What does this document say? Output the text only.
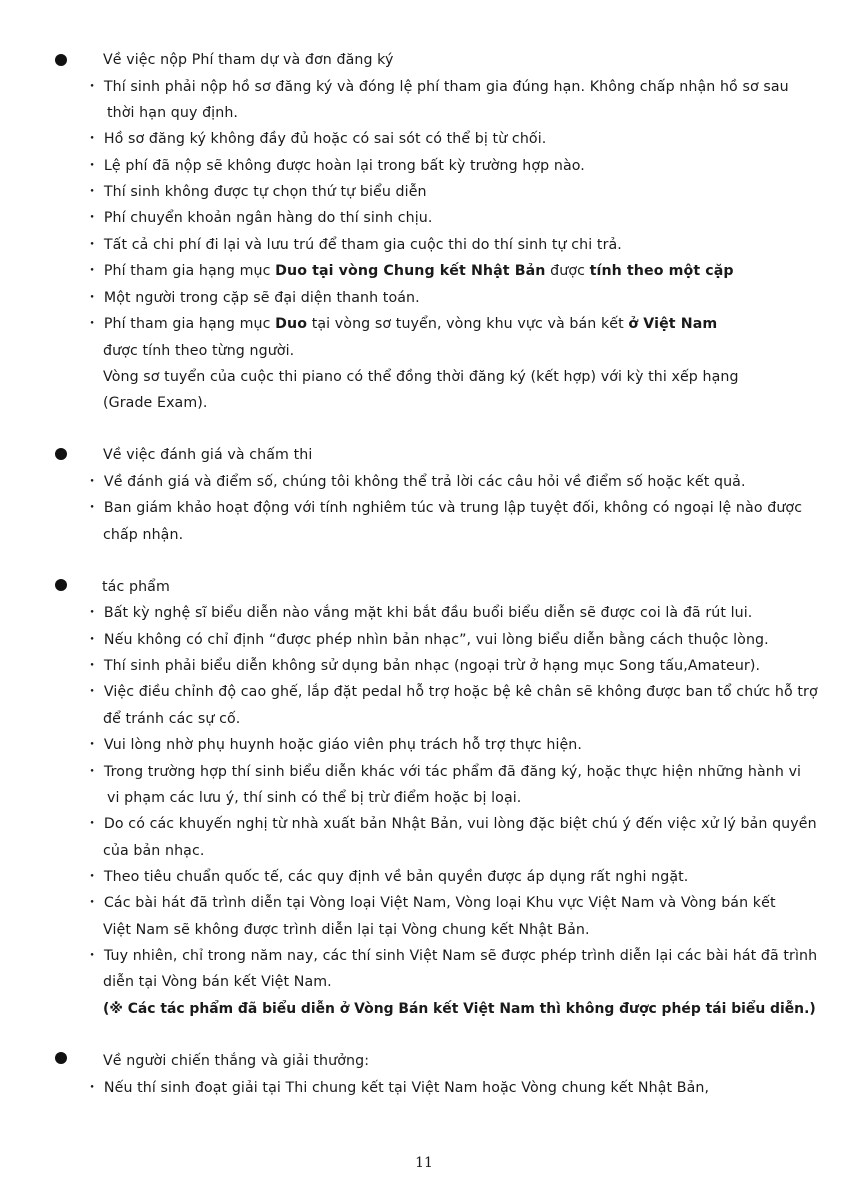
Về việc nộp Phí tham dự và đơn đăng ký
・ Thí sinh phải nộp hồ sơ đăng ký và đóng lệ phí tham gia đúng hạn. Không chấp nhận hồ sơ sau
thời hạn quy định.
・ Hồ sơ đăng ký không đầy đủ hoặc có sai sót có thể bị từ chối.
・ Lệ phí đã nộp sẽ không được hoàn lại trong bất kỳ trường hợp nào.
・ Thí sinh không được tự chọn thứ tự biểu diễn
・ Phí chuyển khoản ngân hàng do thí sinh chịu.
・ Tất cả chi phí đi lại và lưu trú để tham gia cuộc thi do thí sinh tự chi trả.
・ Phí tham gia hạng mục Duo tại vòng Chung kết Nhật Bản được tính theo một cặp
・ Một người trong cặp sẽ đại diện thanh toán.
・ Phí tham gia hạng mục Duo tại vòng sơ tuyển, vòng khu vực và bán kết ở Việt Nam
được tính theo từng người.
Vòng sơ tuyển của cuộc thi piano có thể đồng thời đăng ký (kết hợp) với kỳ thi xếp hạng
(Grade Exam).
Về việc đánh giá và chấm thi
・ Về đánh giá và điểm số, chúng tôi không thể trả lời các câu hỏi về điểm số hoặc kết quả.
・ Ban giám khảo hoạt động với tính nghiêm túc và trung lập tuyệt đối, không có ngoại lệ nào được
chấp nhận.
tác phẩm
・ Bất kỳ nghệ sĩ biểu diễn nào vắng mặt khi bắt đầu buổi biểu diễn sẽ được coi là đã rút lui.
・ Nếu không có chỉ định “được phép nhìn bản nhạc”, vui lòng biểu diễn bằng cách thuộc lòng.
・ Thí sinh phải biểu diễn không sử dụng bản nhạc (ngoại trừ ở hạng mục Song tấu,Amateur).
・ Việc điều chỉnh độ cao ghế, lắp đặt pedal hỗ trợ hoặc bệ kê chân sẽ không được ban tổ chức hỗ trợ
để tránh các sự cố.
・ Vui lòng nhờ phụ huynh hoặc giáo viên phụ trách hỗ trợ thực hiện.
・ Trong trường hợp thí sinh biểu diễn khác với tác phẩm đã đăng ký, hoặc thực hiện những hành vi
vi phạm các lưu ý, thí sinh có thể bị trừ điểm hoặc bị loại.
・ Do có các khuyến nghị từ nhà xuất bản Nhật Bản, vui lòng đặc biệt chú ý đến việc xử lý bản quyền
của bản nhạc.
・ Theo tiêu chuẩn quốc tế, các quy định về bản quyền được áp dụng rất nghi ngặt.
・ Các bài hát đã trình diễn tại Vòng loại Việt Nam, Vòng loại Khu vực Việt Nam và Vòng bán kết
Việt Nam sẽ không được trình diễn lại tại Vòng chung kết Nhật Bản.
・ Tuy nhiên, chỉ trong năm nay, các thí sinh Việt Nam sẽ được phép trình diễn lại các bài hát đã trình
diễn tại Vòng bán kết Việt Nam.
(※ Các tác phẩm đã biểu diễn ở Vòng Bán kết Việt Nam thì không được phép tái biểu diễn.)
Về người chiến thắng và giải thưởng:
・ Nếu thí sinh đoạt giải tại Thi chung kết tại Việt Nam hoặc Vòng chung kết Nhật Bản,
11
